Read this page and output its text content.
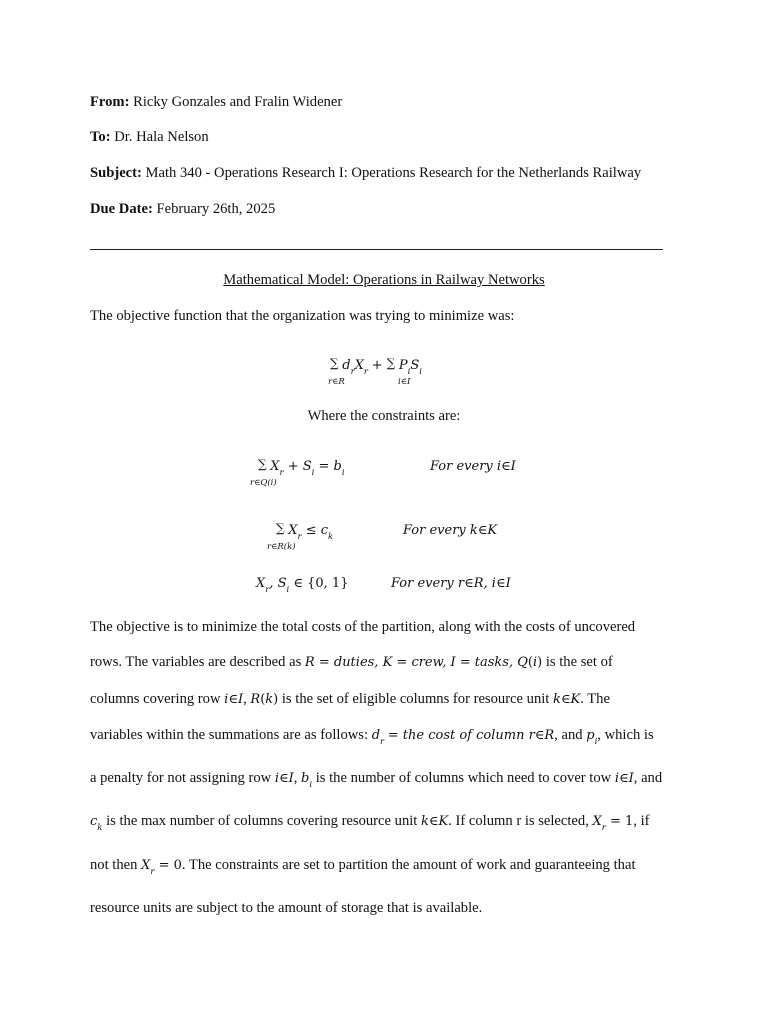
From: Ricky Gonzales and Fralin Widener
To: Dr. Hala Nelson
Subject: Math 340 - Operations Research I: Operations Research for the Netherlands Railway
Due Date: February 26th, 2025
Mathematical Model: Operations in Railway Networks
The objective function that the organization was trying to minimize was:
∑ $d_rX_r$ + ∑ $P_iS_i$
r∈R	i∈I
Where the constraints are:
∑ $X_r + S_i = b_i$
r∈Q(i)
For every i∈I
∑ $X_r \le c_k$
r∈R(k)
For every k∈K
$X_r$, $S_i$ ∈ {0, 1}	For every r∈R, i∈I
The objective is to minimize the total costs of the partition, along with the costs of uncovered
rows. The variables are described as R = duties, K = crew, I = tasks, Q(i) is the set of
columns covering row i∈I, R(k) is the set of eligible columns for resource unit k∈K. The
variables within the summations are as follows: $d_r$ = the cost of column r∈R, and $p_i$, which is
a penalty for not assigning row i∈I, $b_i$ is the number of columns which need to cover tow i∈I, and
$c_k$ is the max number of columns covering resource unit k∈K. If column r is selected, $X_r = 1$, if
not then $X_r = 0$. The constraints are set to partition the amount of work and guaranteeing that
resource units are subject to the amount of storage that is available.
